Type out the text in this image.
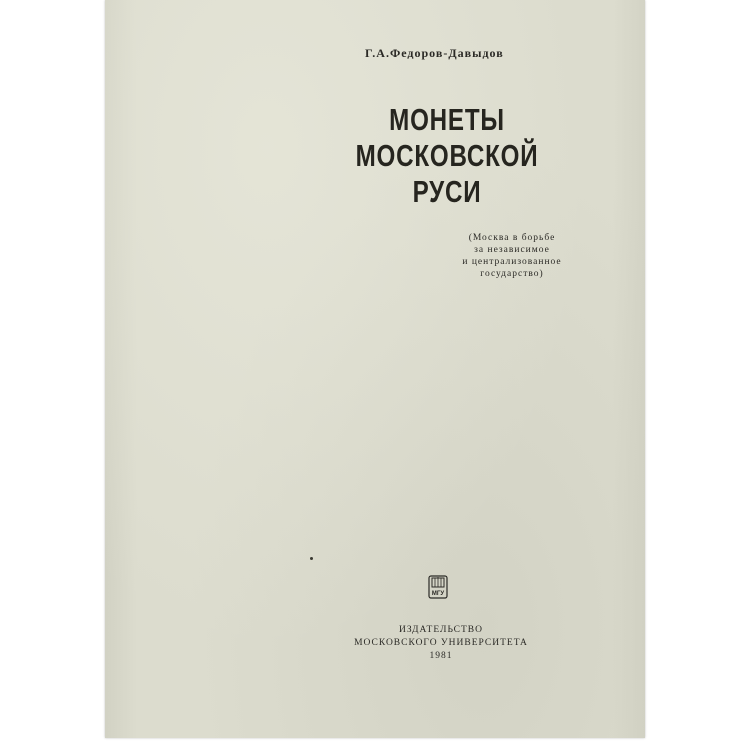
Г.А.Федоров-Давыдов
МОНЕТЫ
МОСКОВСКОЙ
РУСИ
(Москва в борьбе
за независимое
и централизованное
государство)
МГУ
ИЗДАТЕЛЬСТВО
МОСКОВСКОГО УНИВЕРСИТЕТА
1981
